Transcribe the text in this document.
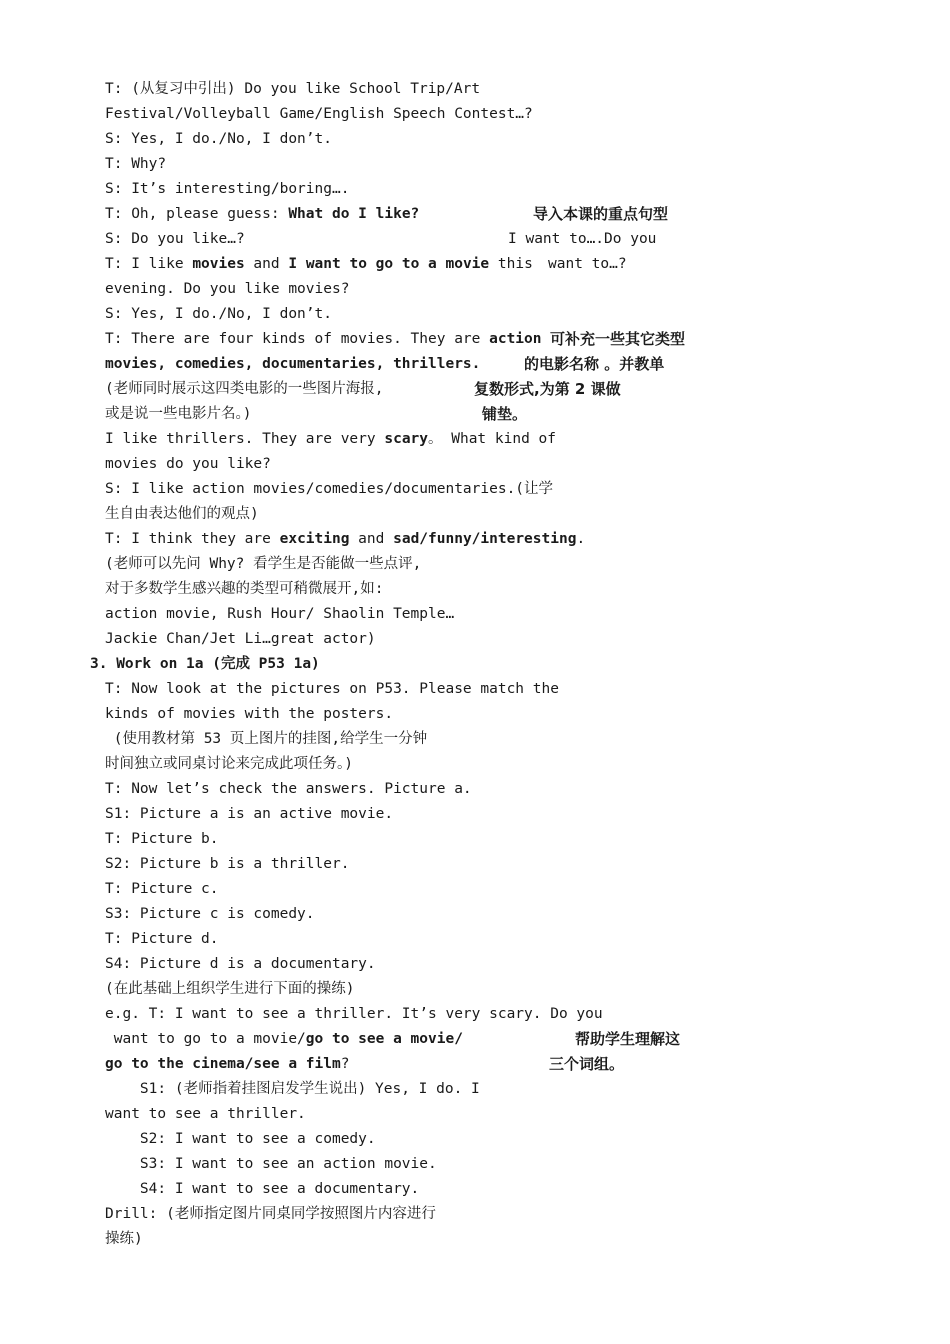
T: (从复习中引出) Do you like School Trip/Art
Festival/Volleyball Game/English Speech Contest…?
S: Yes, I do./No, I don’t.
T: Why?
S: It’s interesting/boring….
T: Oh, please guess: What do I like?
S: Do you like…?
T: I like movies and I want to go to a movie this
evening. Do you like movies?
S: Yes, I do./No, I don’t.
T: There are four kinds of movies. They are action
movies, comedies, documentaries, thrillers.
(老师同时展示这四类电影的一些图片海报,
或是说一些电影片名。)
I like thrillers. They are very scary。 What kind of
movies do you like?
S: I like action movies/comedies/documentaries.(让学
生自由表达他们的观点)
T: I think they are exciting and sad/funny/interesting.
(老师可以先问 Why? 看学生是否能做一些点评,
对于多数学生感兴趣的类型可稍微展开,如:
action movie, Rush Hour/ Shaolin Temple…
Jackie Chan/Jet Li…great actor)
3. Work on 1a (完成 P53 1a)
T: Now look at the pictures on P53. Please match the
kinds of movies with the posters.
(使用教材第 53 页上图片的挂图,给学生一分钟
时间独立或同桌讨论来完成此项任务。)
T: Now let’s check the answers. Picture a.
S1: Picture a is an active movie.
T: Picture b.
S2: Picture b is a thriller.
T: Picture c.
S3: Picture c is comedy.
T: Picture d.
S4: Picture d is a documentary.
(在此基础上组织学生进行下面的操练)
e.g. T: I want to see a thriller. It’s very scary. Do you
want to go to a movie/go to see a movie/
go to the cinema/see a film?
S1: (老师指着挂图启发学生说出) Yes, I do. I
want to see a thriller.
S2: I want to see a comedy.
S3: I want to see an action movie.
S4: I want to see a documentary.
Drill: (老师指定图片同桌同学按照图片内容进行
操练)
导入本课的重点句型
I want to….Do you
want to…?
可补充一些其它类型
的电影名称 。并教单
复数形式,为第 2 课做
铺垫。
帮助学生理解这
三个词组。
